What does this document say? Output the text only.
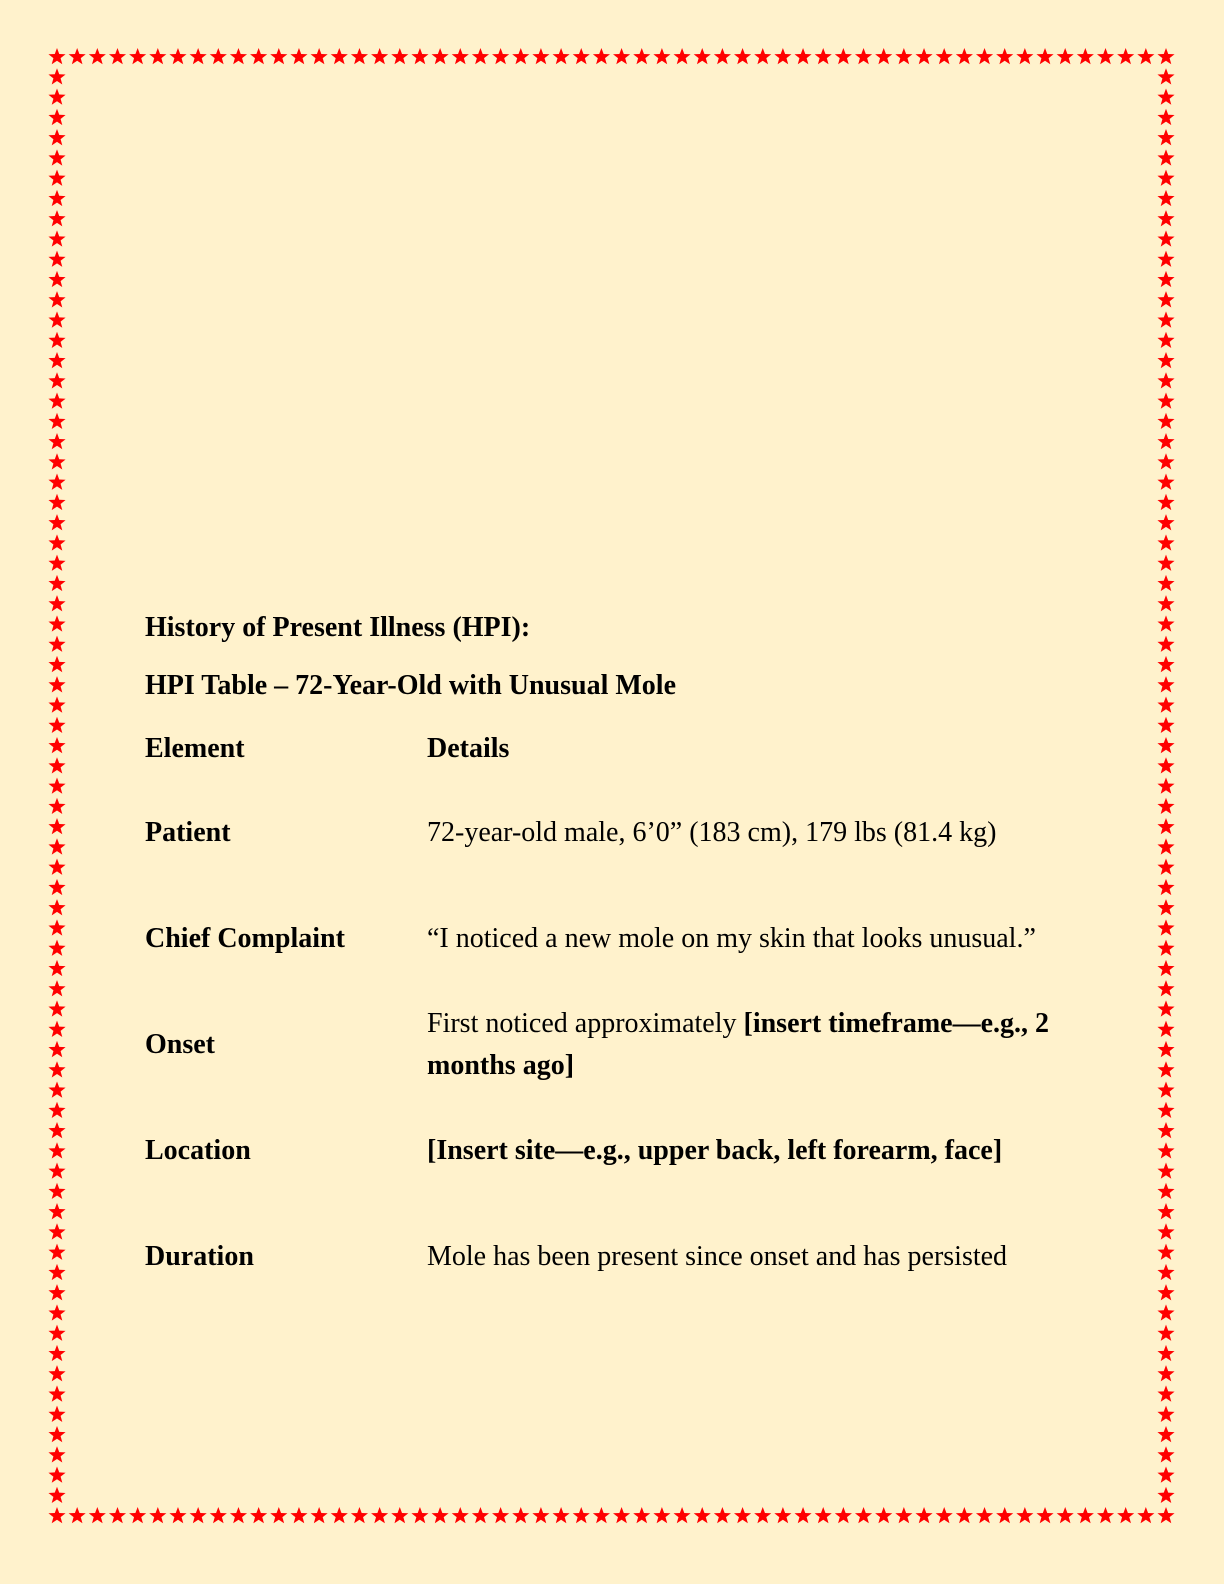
History of Present Illness (HPI):

HPI Table – 72-Year-Old with Unusual Mole

Element	Details
Patient	72-year-old male, 6’0” (183 cm), 179 lbs (81.4 kg)
Chief Complaint	“I noticed a new mole on my skin that looks unusual.”
Onset	First noticed approximately [insert timeframe—e.g., 2 months ago]
Location	[Insert site—e.g., upper back, left forearm, face]
Duration	Mole has been present since onset and has persisted
